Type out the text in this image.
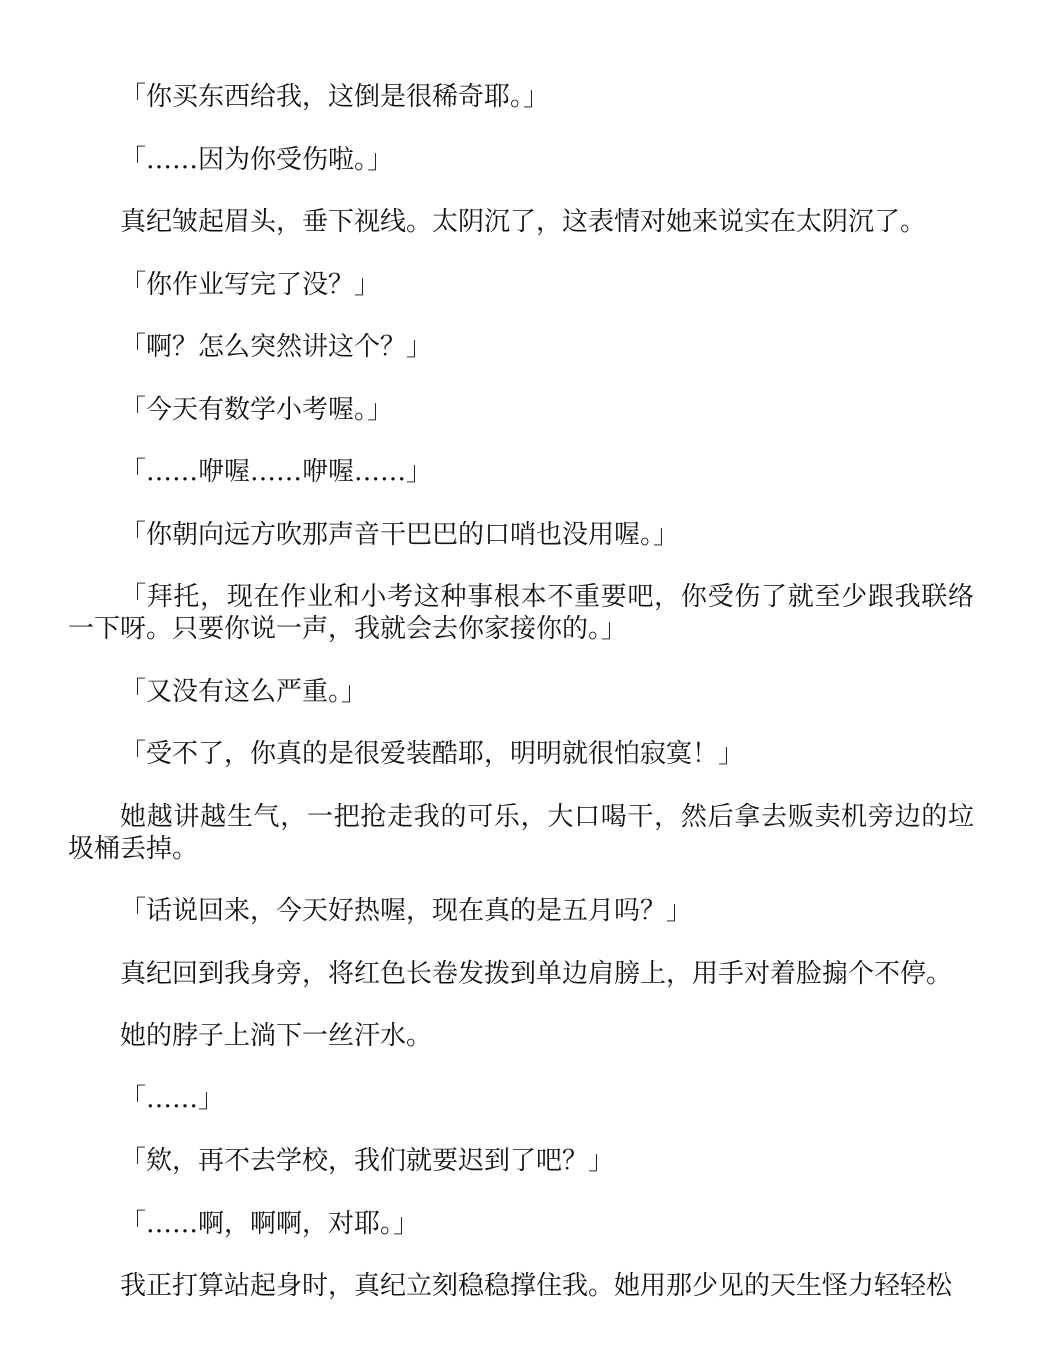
「你买东西给我，这倒是很稀奇耶。」

「……因为你受伤啦。」

真纪皱起眉头，垂下视线。太阴沉了，这表情对她来说实在太阴沉了。

「你作业写完了没？」

「啊？怎么突然讲这个？」

「今天有数学小考喔。」

「……咿喔……咿喔……」

「你朝向远方吹那声音干巴巴的口哨也没用喔。」

「拜托，现在作业和小考这种事根本不重要吧，你受伤了就至少跟我联络一下呀。只要你说一声，我就会去你家接你的。」

「又没有这么严重。」

「受不了，你真的是很爱装酷耶，明明就很怕寂寞！」

她越讲越生气，一把抢走我的可乐，大口喝干，然后拿去贩卖机旁边的垃圾桶丢掉。

「话说回来，今天好热喔，现在真的是五月吗？」

真纪回到我身旁，将红色长卷发拨到单边肩膀上，用手对着脸搧个不停。

她的脖子上淌下一丝汗水。

「……」

「欸，再不去学校，我们就要迟到了吧？」

「……啊，啊啊，对耶。」

我正打算站起身时，真纪立刻稳稳撑住我。她用那少见的天生怪力轻轻松
